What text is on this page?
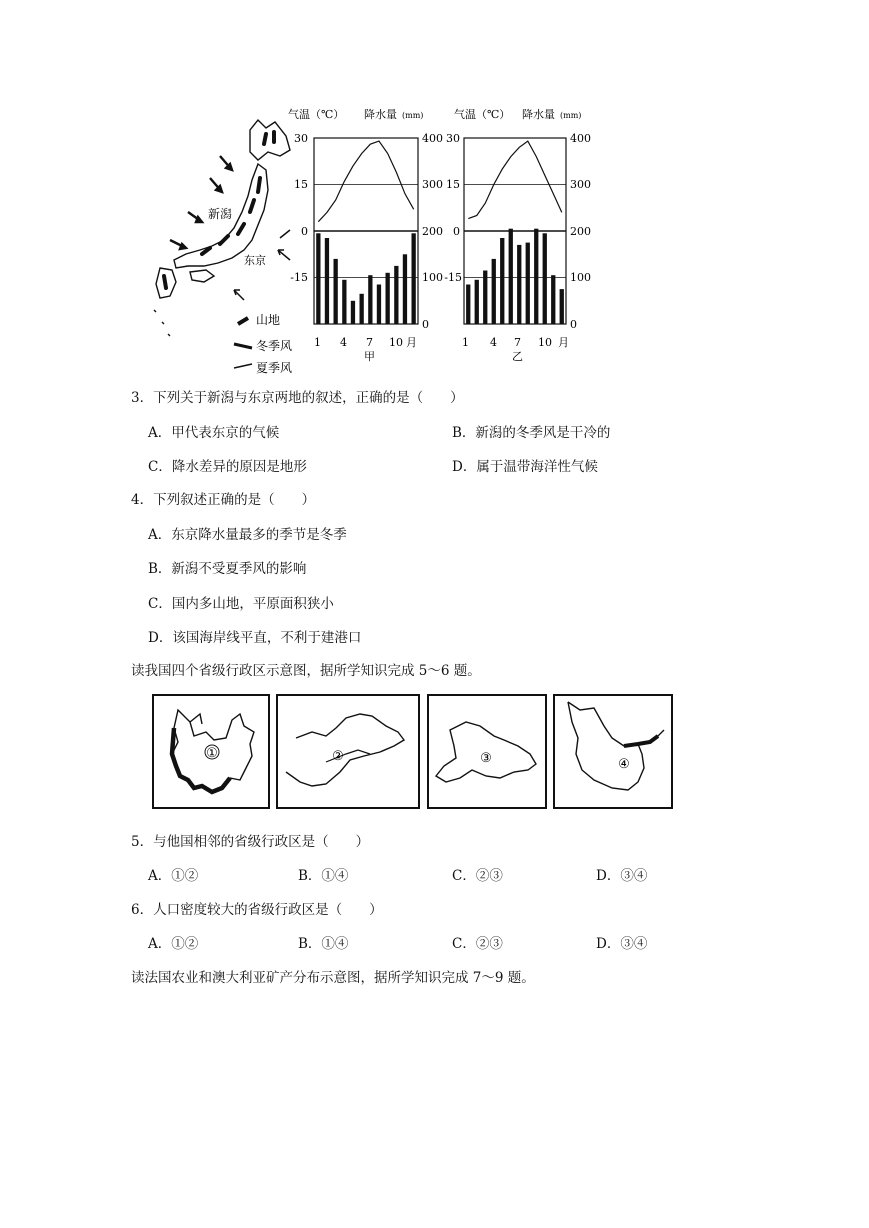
新潟
东京
山地
冬季风
夏季风
气温（℃） 降水量 (mm)
30
15
0
-15
400
300
200
100
0
1 4 7 10 月
甲
气温（℃） 降水量 (mm)
30
15
0
-15
400
300
200
100
0
1 4 7 10 月
乙
3．下列关于新潟与东京两地的叙述，正确的是（　　）
A．甲代表东京的气候	B．新潟的冬季风是干冷的
C．降水差异的原因是地形	D．属于温带海洋性气候
4．下列叙述正确的是（　　）
A．东京降水量最多的季节是冬季
B．新潟不受夏季风的影响
C．国内多山地，平原面积狭小
D．该国海岸线平直，不利于建港口
读我国四个省级行政区示意图，据所学知识完成 5～6 题。
①	②	③	④
5．与他国相邻的省级行政区是（　　）
A．①②	B．①④	C．②③	D．③④
6．人口密度较大的省级行政区是（　　）
A．①②	B．①④	C．②③	D．③④
读法国农业和澳大利亚矿产分布示意图，据所学知识完成 7～9 题。
